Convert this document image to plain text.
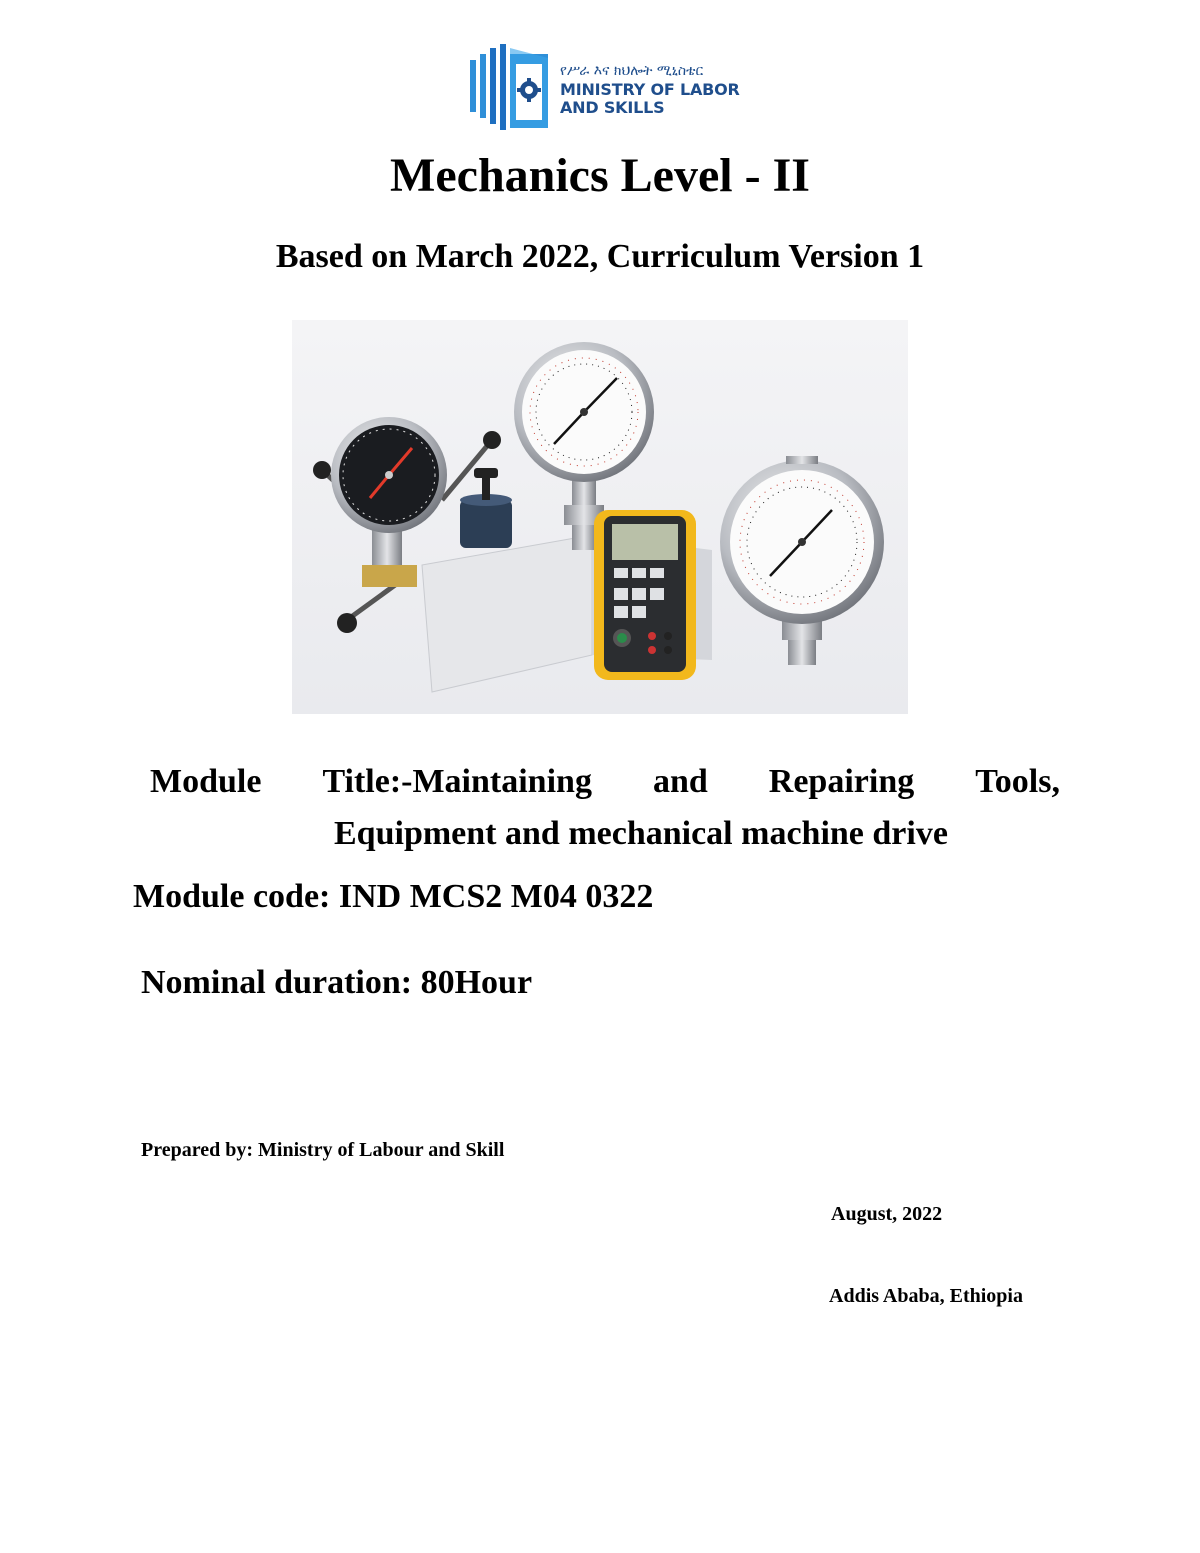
የሥራ እና ክህሎት ሚኒስቴር
MINISTRY OF LABOR
AND SKILLS
Mechanics Level - II
Based on March 2022, Curriculum Version 1
Module Title:-Maintaining and Repairing Tools,
Equipment and mechanical machine drive
Module code: IND MCS2 M04 0322
Nominal duration: 80Hour
Prepared by: Ministry of Labour and Skill
August, 2022
Addis Ababa, Ethiopia
